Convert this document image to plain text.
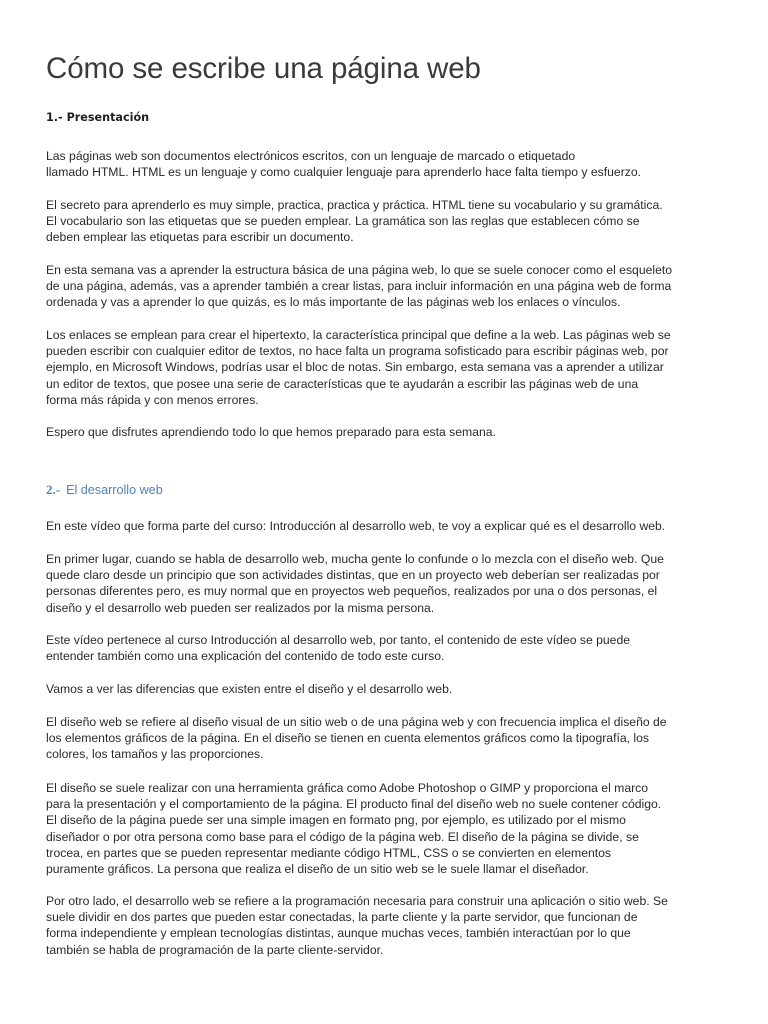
Cómo se escribe una página web
1.- Presentación

Las páginas web son documentos electrónicos escritos, con un lenguaje de marcado o etiquetado
llamado HTML. HTML es un lenguaje y como cualquier lenguaje para aprenderlo hace falta tiempo y esfuerzo.

El secreto para aprenderlo es muy simple, practica, practica y práctica. HTML tiene su vocabulario y su gramática.
El vocabulario son las etiquetas que se pueden emplear. La gramática son las reglas que establecen cómo se
deben emplear las etiquetas para escribir un documento.

En esta semana vas a aprender la estructura básica de una página web, lo que se suele conocer como el esqueleto
de una página, además, vas a aprender también a crear listas, para incluir información en una página web de forma
ordenada y vas a aprender lo que quizás, es lo más importante de las páginas web los enlaces o vínculos.

Los enlaces se emplean para crear el hipertexto, la característica principal que define a la web. Las páginas web se
pueden escribir con cualquier editor de textos, no hace falta un programa sofisticado para escribir páginas web, por
ejemplo, en Microsoft Windows, podrías usar el bloc de notas. Sin embargo, esta semana vas a aprender a utilizar
un editor de textos, que posee una serie de características que te ayudarán a escribir las páginas web de una
forma más rápida y con menos errores.

Espero que disfrutes aprendiendo todo lo que hemos preparado para esta semana.

2.- El desarrollo web

En este vídeo que forma parte del curso: Introducción al desarrollo web, te voy a explicar qué es el desarrollo web.

En primer lugar, cuando se habla de desarrollo web, mucha gente lo confunde o lo mezcla con el diseño web. Que
quede claro desde un principio que son actividades distintas, que en un proyecto web deberían ser realizadas por
personas diferentes pero, es muy normal que en proyectos web pequeños, realizados por una o dos personas, el
diseño y el desarrollo web pueden ser realizados por la misma persona.

Este vídeo pertenece al curso Introducción al desarrollo web, por tanto, el contenido de este vídeo se puede
entender también como una explicación del contenido de todo este curso.

Vamos a ver las diferencias que existen entre el diseño y el desarrollo web.

El diseño web se refiere al diseño visual de un sitio web o de una página web y con frecuencia implica el diseño de
los elementos gráficos de la página. En el diseño se tienen en cuenta elementos gráficos como la tipografía, los
colores, los tamaños y las proporciones.

El diseño se suele realizar con una herramienta gráfica como Adobe Photoshop o GIMP y proporciona el marco
para la presentación y el comportamiento de la página. El producto final del diseño web no suele contener código.
El diseño de la página puede ser una simple imagen en formato png, por ejemplo, es utilizado por el mismo
diseñador o por otra persona como base para el código de la página web. El diseño de la página se divide, se
trocea, en partes que se pueden representar mediante código HTML, CSS o se convierten en elementos
puramente gráficos. La persona que realiza el diseño de un sitio web se le suele llamar el diseñador.

Por otro lado, el desarrollo web se refiere a la programación necesaria para construir una aplicación o sitio web. Se
suele dividir en dos partes que pueden estar conectadas, la parte cliente y la parte servidor, que funcionan de
forma independiente y emplean tecnologías distintas, aunque muchas veces, también interactúan por lo que
también se habla de programación de la parte cliente-servidor.
